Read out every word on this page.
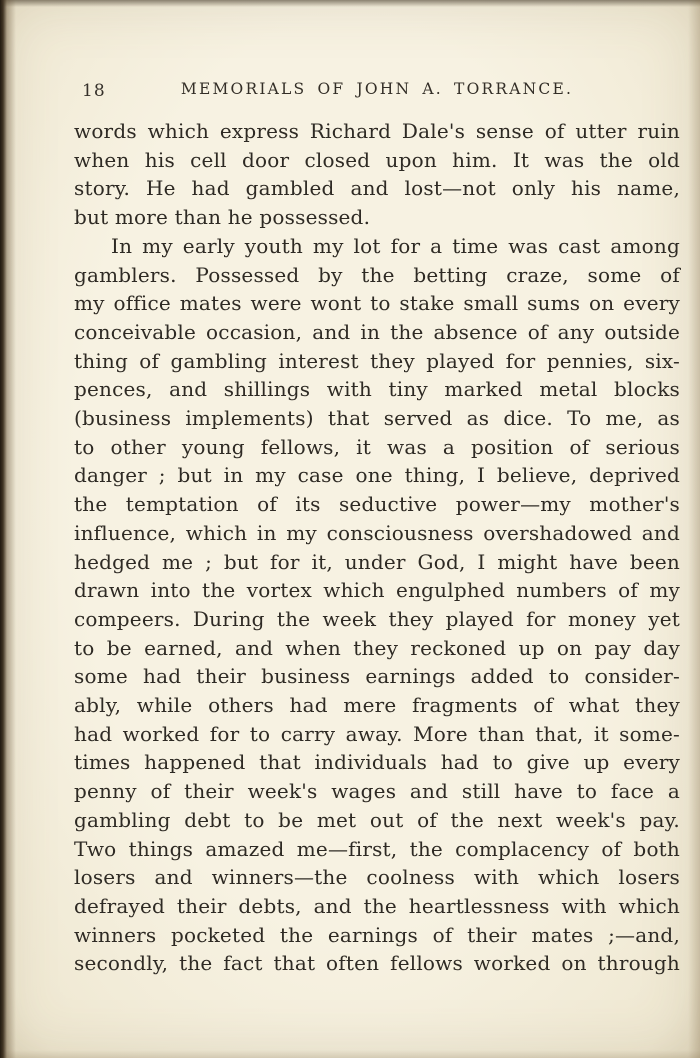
18	MEMORIALS OF JOHN A. TORRANCE.
words which express Richard Dale's sense of utter ruin
when his cell door closed upon him. It was the old
story. He had gambled and lost—not only his name,
but more than he possessed.
In my early youth my lot for a time was cast among
gamblers. Possessed by the betting craze, some of
my office mates were wont to stake small sums on every
conceivable occasion, and in the absence of any outside
thing of gambling interest they played for pennies, six-
pences, and shillings with tiny marked metal blocks
(business implements) that served as dice. To me, as
to other young fellows, it was a position of serious
danger ; but in my case one thing, I believe, deprived
the temptation of its seductive power—my mother's
influence, which in my consciousness overshadowed and
hedged me ; but for it, under God, I might have been
drawn into the vortex which engulphed numbers of my
compeers. During the week they played for money yet
to be earned, and when they reckoned up on pay day
some had their business earnings added to consider-
ably, while others had mere fragments of what they
had worked for to carry away. More than that, it some-
times happened that individuals had to give up every
penny of their week's wages and still have to face a
gambling debt to be met out of the next week's pay.
Two things amazed me—first, the complacency of both
losers and winners—the coolness with which losers
defrayed their debts, and the heartlessness with which
winners pocketed the earnings of their mates ;—and,
secondly, the fact that often fellows worked on through
